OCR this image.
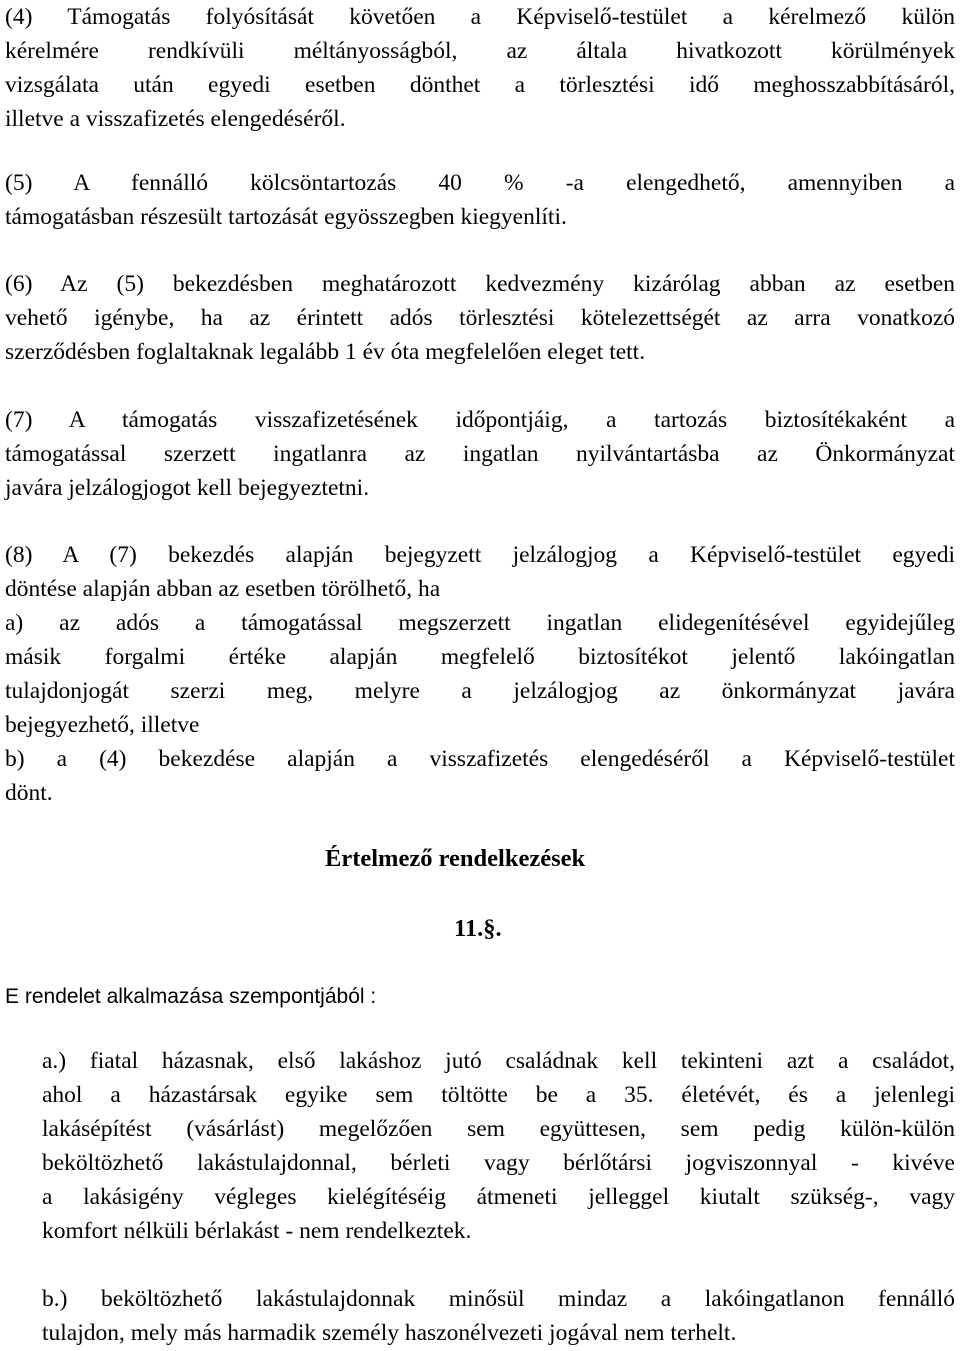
(4) Támogatás folyósítását követően a Képviselő-testület a kérelmező külön
kérelmére rendkívüli méltányosságból, az általa hivatkozott körülmények
vizsgálata után egyedi esetben dönthet a törlesztési idő meghosszabbításáról,
illetve a visszafizetés elengedéséről.
(5) A fennálló kölcsöntartozás 40 % -a elengedhető, amennyiben a
támogatásban részesült tartozását egyösszegben kiegyenlíti.
(6) Az (5) bekezdésben meghatározott kedvezmény kizárólag abban az esetben
vehető igénybe, ha az érintett adós törlesztési kötelezettségét az arra vonatkozó
szerződésben foglaltaknak legalább 1 év óta megfelelően eleget tett.
(7) A támogatás visszafizetésének időpontjáig, a tartozás biztosítékaként a
támogatással szerzett ingatlanra az ingatlan nyilvántartásba az Önkormányzat
javára jelzálogjogot kell bejegyeztetni.
(8) A (7) bekezdés alapján bejegyzett jelzálogjog a Képviselő-testület egyedi
döntése alapján abban az esetben törölhető, ha
a) az adós a támogatással megszerzett ingatlan elidegenítésével egyidejűleg
másik forgalmi értéke alapján megfelelő biztosítékot jelentő lakóingatlan
tulajdonjogát szerzi meg, melyre a jelzálogjog az önkormányzat javára
bejegyezhető, illetve
b) a (4) bekezdése alapján a visszafizetés elengedéséről a Képviselő-testület
dönt.

Értelmező rendelkezések

11.§.

E rendelet alkalmazása szempontjából :

a.) fiatal házasnak, első lakáshoz jutó családnak kell tekinteni azt a családot,
ahol a házastársak egyike sem töltötte be a 35. életévét, és a jelenlegi
lakásépítést (vásárlást) megelőzően sem együttesen, sem pedig külön-külön
beköltözhető lakástulajdonnal, bérleti vagy bérlőtársi jogviszonnyal - kivéve
a lakásigény végleges kielégítéséig átmeneti jelleggel kiutalt szükség-, vagy
komfort nélküli bérlakást - nem rendelkeztek.
b.) beköltözhető lakástulajdonnak minősül mindaz a lakóingatlanon fennálló
tulajdon, mely más harmadik személy haszonélvezeti jogával nem terhelt.
